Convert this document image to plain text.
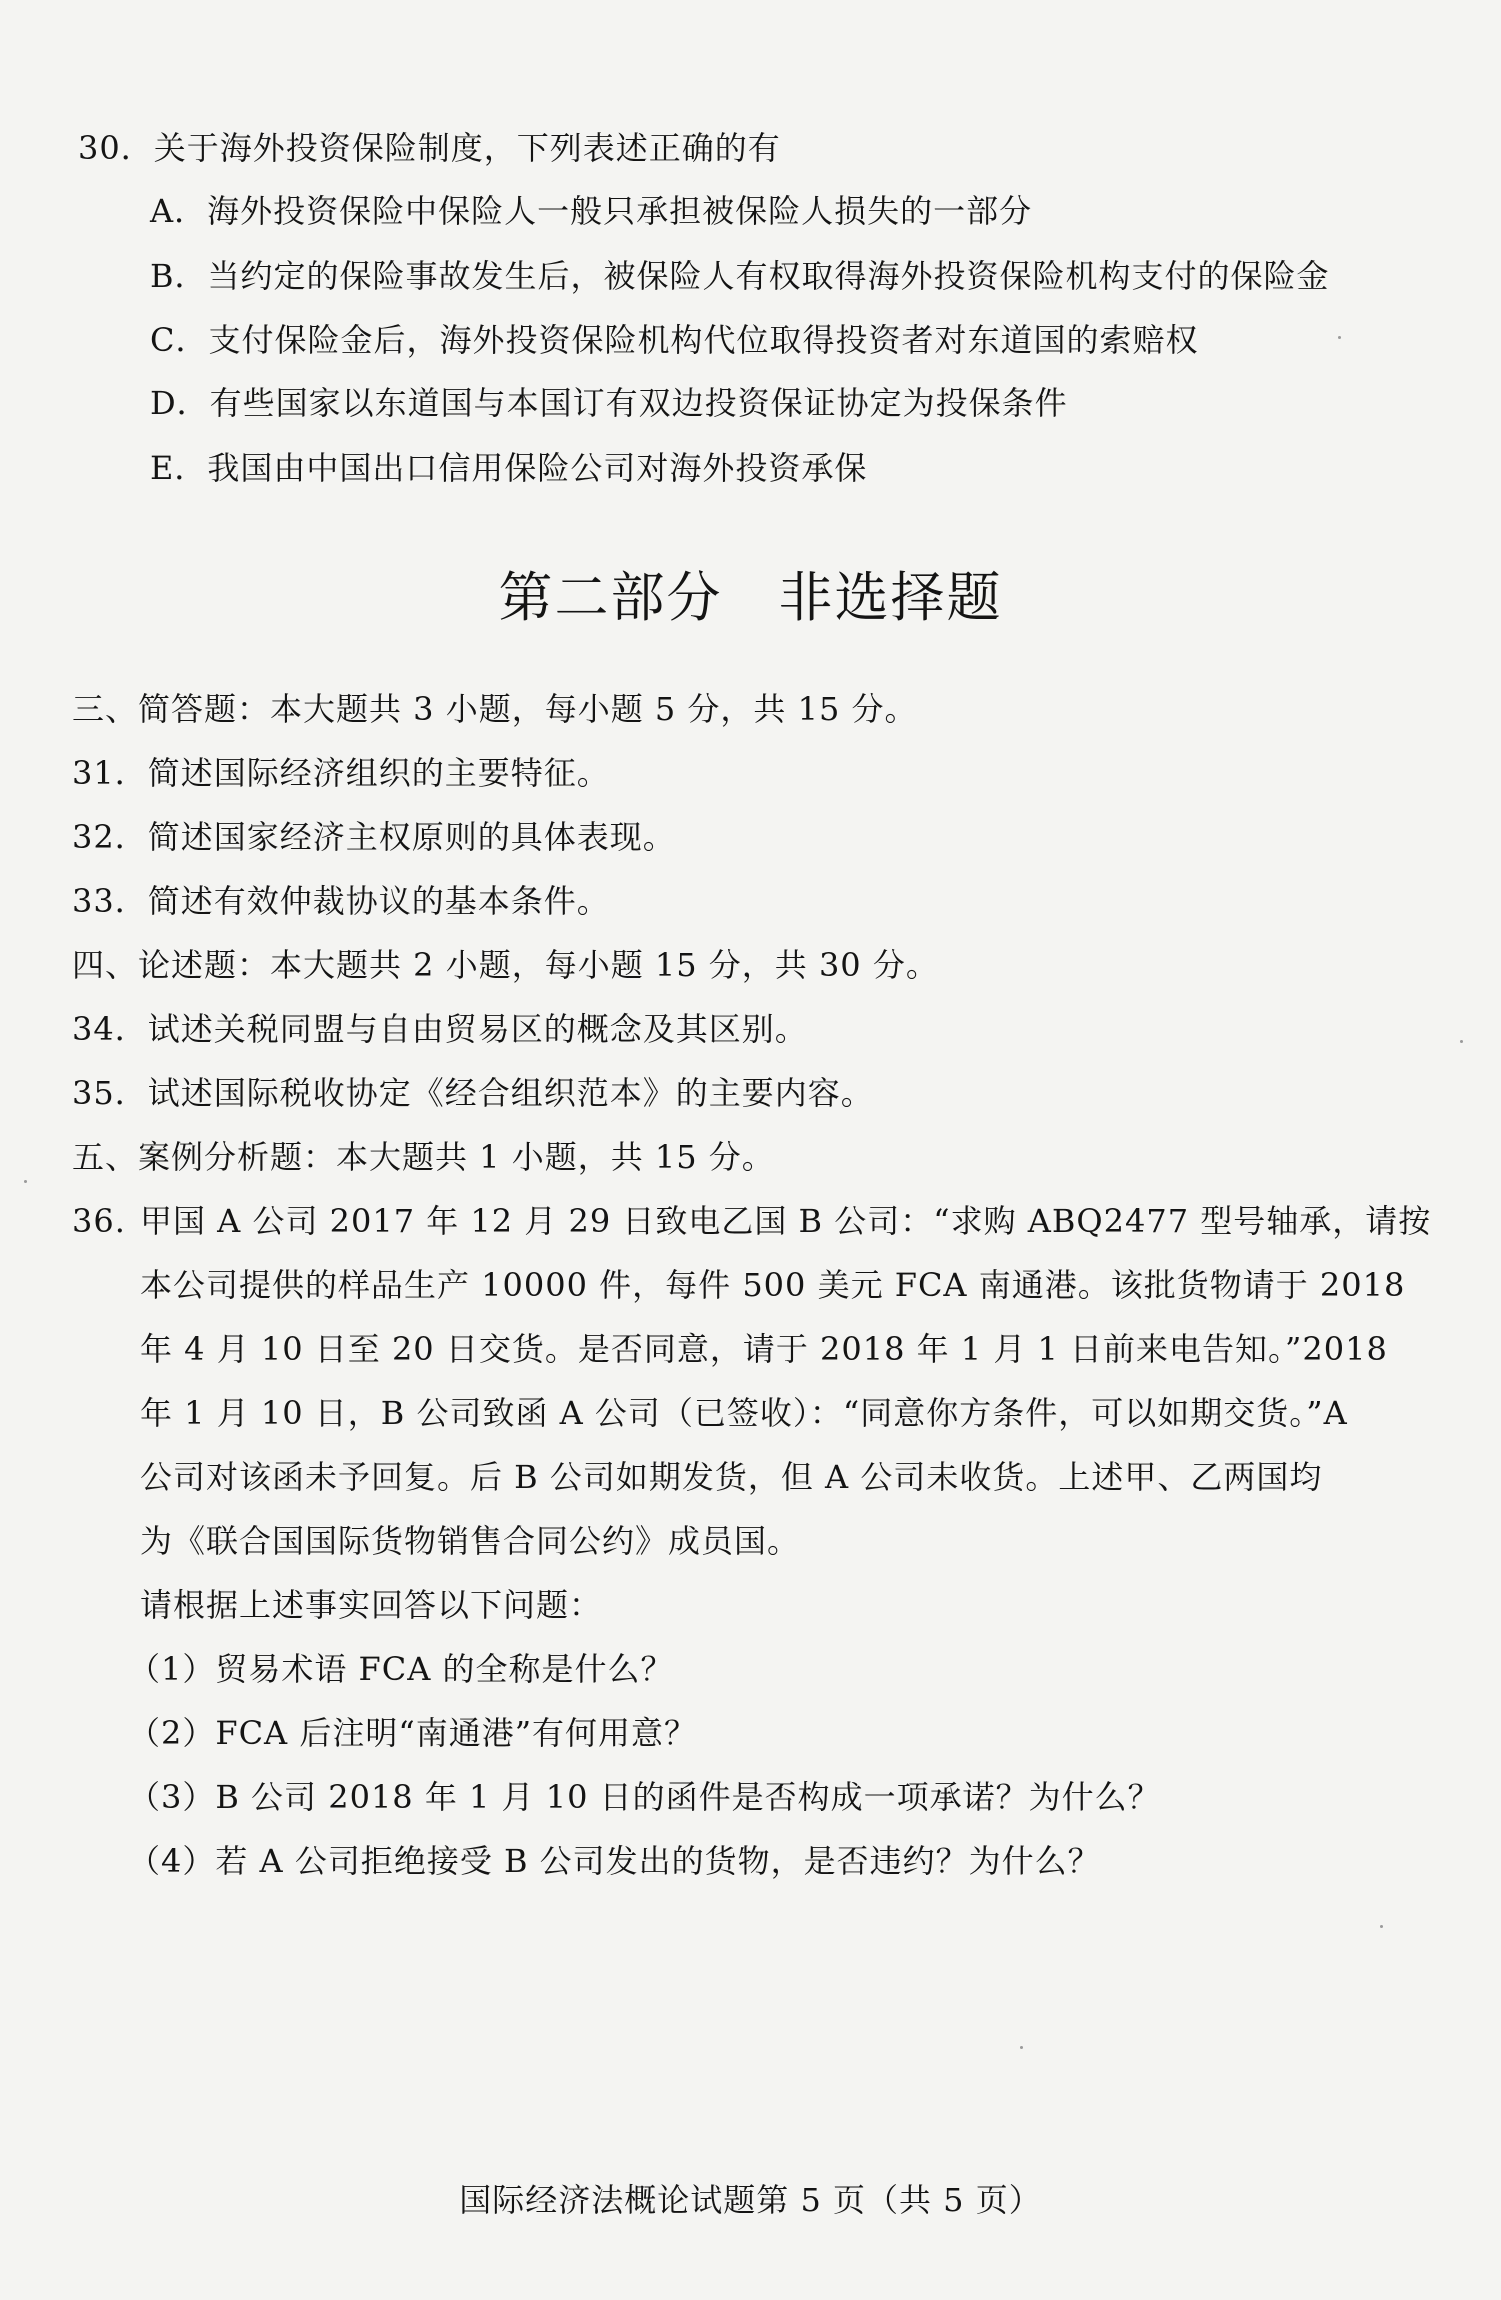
30．关于海外投资保险制度，下列表述正确的有
A．海外投资保险中保险人一般只承担被保险人损失的一部分
B．当约定的保险事故发生后，被保险人有权取得海外投资保险机构支付的保险金
C．支付保险金后，海外投资保险机构代位取得投资者对东道国的索赔权
D．有些国家以东道国与本国订有双边投资保证协定为投保条件
E．我国由中国出口信用保险公司对海外投资承保
第二部分　非选择题
三、简答题：本大题共 3 小题，每小题 5 分，共 15 分。
31．简述国际经济组织的主要特征。
32．简述国家经济主权原则的具体表现。
33．简述有效仲裁协议的基本条件。
四、论述题：本大题共 2 小题，每小题 15 分，共 30 分。
34．试述关税同盟与自由贸易区的概念及其区别。
35．试述国际税收协定《经合组织范本》的主要内容。
五、案例分析题：本大题共 1 小题，共 15 分。
36. 甲国 A 公司 2017 年 12 月 29 日致电乙国 B 公司：“求购 ABQ2477 型号轴承，请按
本公司提供的样品生产 10000 件，每件 500 美元 FCA 南通港。该批货物请于 2018
年 4 月 10 日至 20 日交货。是否同意，请于 2018 年 1 月 1 日前来电告知。”2018
年 1 月 10 日，B 公司致函 A 公司（已签收）：“同意你方条件，可以如期交货。”A
公司对该函未予回复。后 B 公司如期发货，但 A 公司未收货。上述甲、乙两国均
为《联合国国际货物销售合同公约》成员国。
请根据上述事实回答以下问题：
（1）贸易术语 FCA 的全称是什么？
（2）FCA 后注明“南通港”有何用意？
（3）B 公司 2018 年 1 月 10 日的函件是否构成一项承诺？为什么？
（4）若 A 公司拒绝接受 B 公司发出的货物，是否违约？为什么？
国际经济法概论试题第 5 页（共 5 页）
